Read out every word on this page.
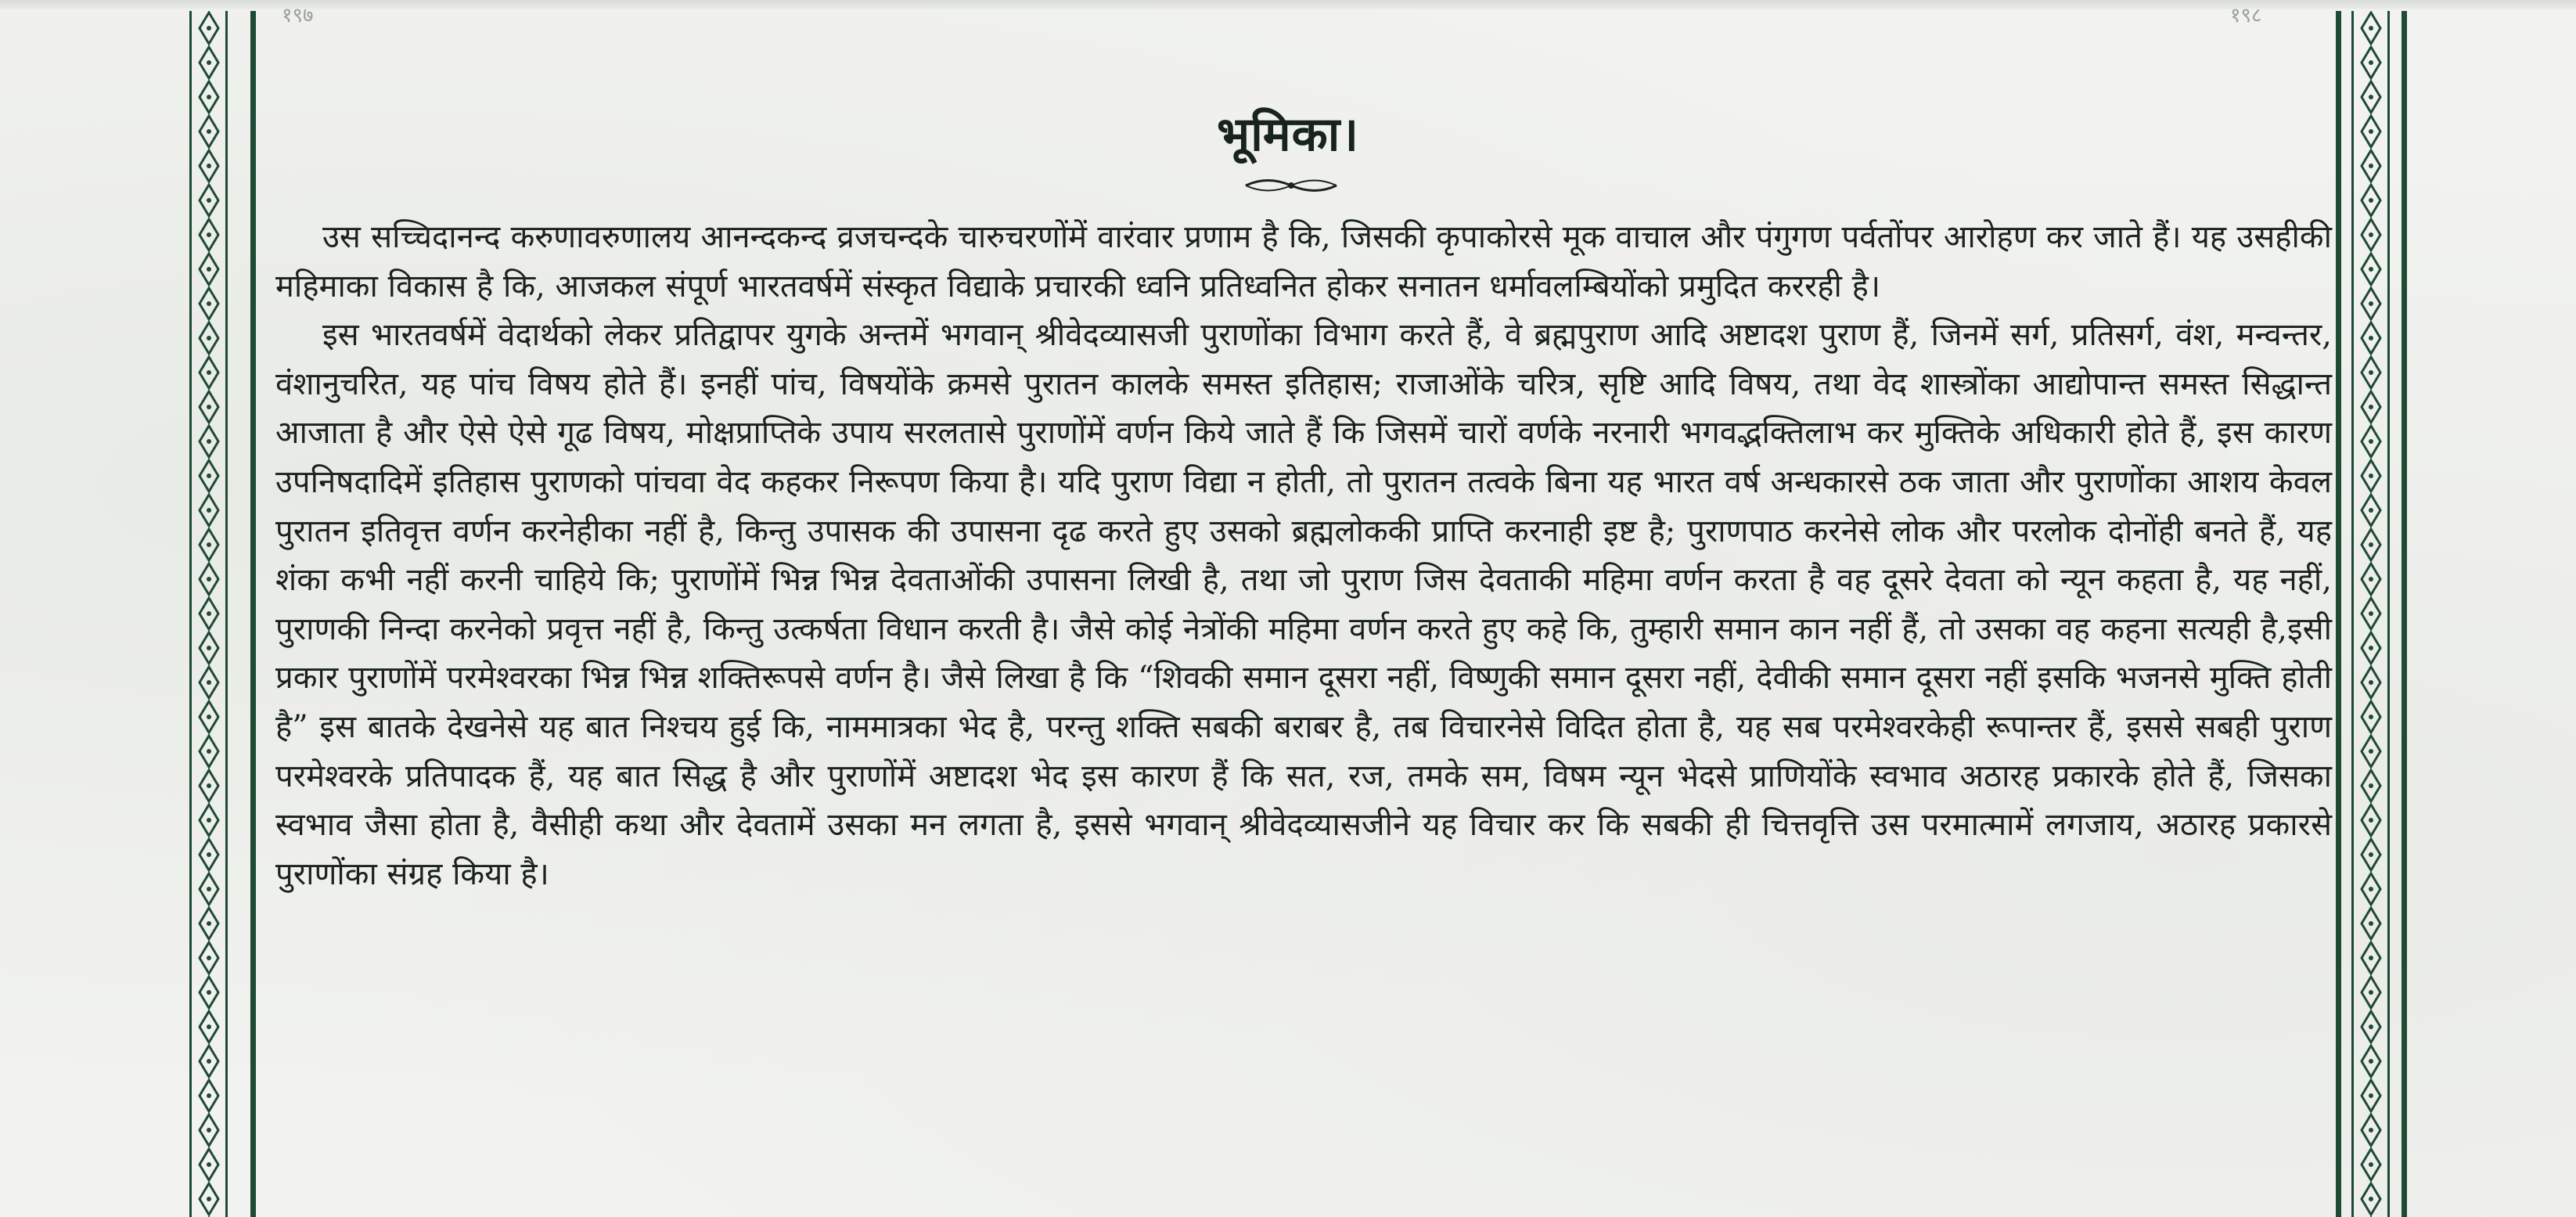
१९७	१९८
भूमिका।

उस सच्चिदानन्द करुणावरुणालय आनन्दकन्द व्रजचन्दके चारुचरणोंमें वारंवार प्रणाम है कि, जिसकी कृपाकोरसे मूक वाचाल और पंगुगण पर्वतोंपर आरोहण कर जाते हैं। यह उसहीकी महिमाका विकास है कि, आजकल संपूर्ण भारतवर्षमें संस्कृत विद्याके प्रचारकी ध्वनि प्रतिध्वनित होकर सनातन धर्मावलम्बियोंको प्रमुदित कररही है।

इस भारतवर्षमें वेदार्थको लेकर प्रतिद्वापर युगके अन्तमें भगवान् श्रीवेदव्यासजी पुराणोंका विभाग करते हैं, वे ब्रह्मपुराण आदि अष्टादश पुराण हैं, जिनमें सर्ग, प्रतिसर्ग, वंश, मन्वन्तर, वंशानुचरित, यह पांच विषय होते हैं। इनहीं पांच, विषयोंके क्रमसे पुरातन कालके समस्त इतिहास; राजाओंके चरित्र, सृष्टि आदि विषय, तथा वेद शास्त्रोंका आद्योपान्त समस्त सिद्धान्त आजाता है और ऐसे ऐसे गूढ विषय, मोक्षप्राप्तिके उपाय सरलतासे पुराणोंमें वर्णन किये जाते हैं कि जिसमें चारों वर्णके नरनारी भगवद्भक्तिलाभ कर मुक्तिके अधिकारी होते हैं, इस कारण उपनिषदादिमें इतिहास पुराणको पांचवा वेद कहकर निरूपण किया है। यदि पुराण विद्या न होती, तो पुरातन तत्वके बिना यह भारत वर्ष अन्धकारसे ठक जाता और पुराणोंका आशय केवल पुरातन इतिवृत्त वर्णन करनेहीका नहीं है, किन्तु उपासक की उपासना दृढ करते हुए उसको ब्रह्मलोककी प्राप्ति करनाही इष्ट है; पुराणपाठ करनेसे लोक और परलोक दोनोंही बनते हैं, यह शंका कभी नहीं करनी चाहिये कि; पुराणोंमें भिन्न भिन्न देवताओंकी उपासना लिखी है, तथा जो पुराण जिस देवताकी महिमा वर्णन करता है वह दूसरे देवता को न्यून कहता है, यह नहीं, पुराणकी निन्दा करनेको प्रवृत्त नहीं है, किन्तु उत्कर्षता विधान करती है। जैसे कोई नेत्रोंकी महिमा वर्णन करते हुए कहे कि, तुम्हारी समान कान नहीं हैं, तो उसका वह कहना सत्यही है,इसी प्रकार पुराणोंमें परमेश्वरका भिन्न भिन्न शक्तिरूपसे वर्णन है। जैसे लिखा है कि “शिवकी समान दूसरा नहीं, विष्णुकी समान दूसरा नहीं, देवीकी समान दूसरा नहीं इसकि भजनसे मुक्ति होती है” इस बातके देखनेसे यह बात निश्चय हुई कि, नाममात्रका भेद है, परन्तु शक्ति सबकी बराबर है, तब विचारनेसे विदित होता है, यह सब परमेश्वरकेही रूपान्तर हैं, इससे सबही पुराण परमेश्वरके प्रतिपादक हैं, यह बात सिद्ध है और पुराणोंमें अष्टादश भेद इस कारण हैं कि सत, रज, तमके सम, विषम न्यून भेदसे प्राणियोंके स्वभाव अठारह प्रकारके होते हैं, जिसका स्वभाव जैसा होता है, वैसीही कथा और देवतामें उसका मन लगता है, इससे भगवान् श्रीवेदव्यासजीने यह विचार कर कि सबकी ही चित्तवृत्ति उस परमात्मामें लगजाय, अठारह प्रकारसे पुराणोंका संग्रह किया है।
